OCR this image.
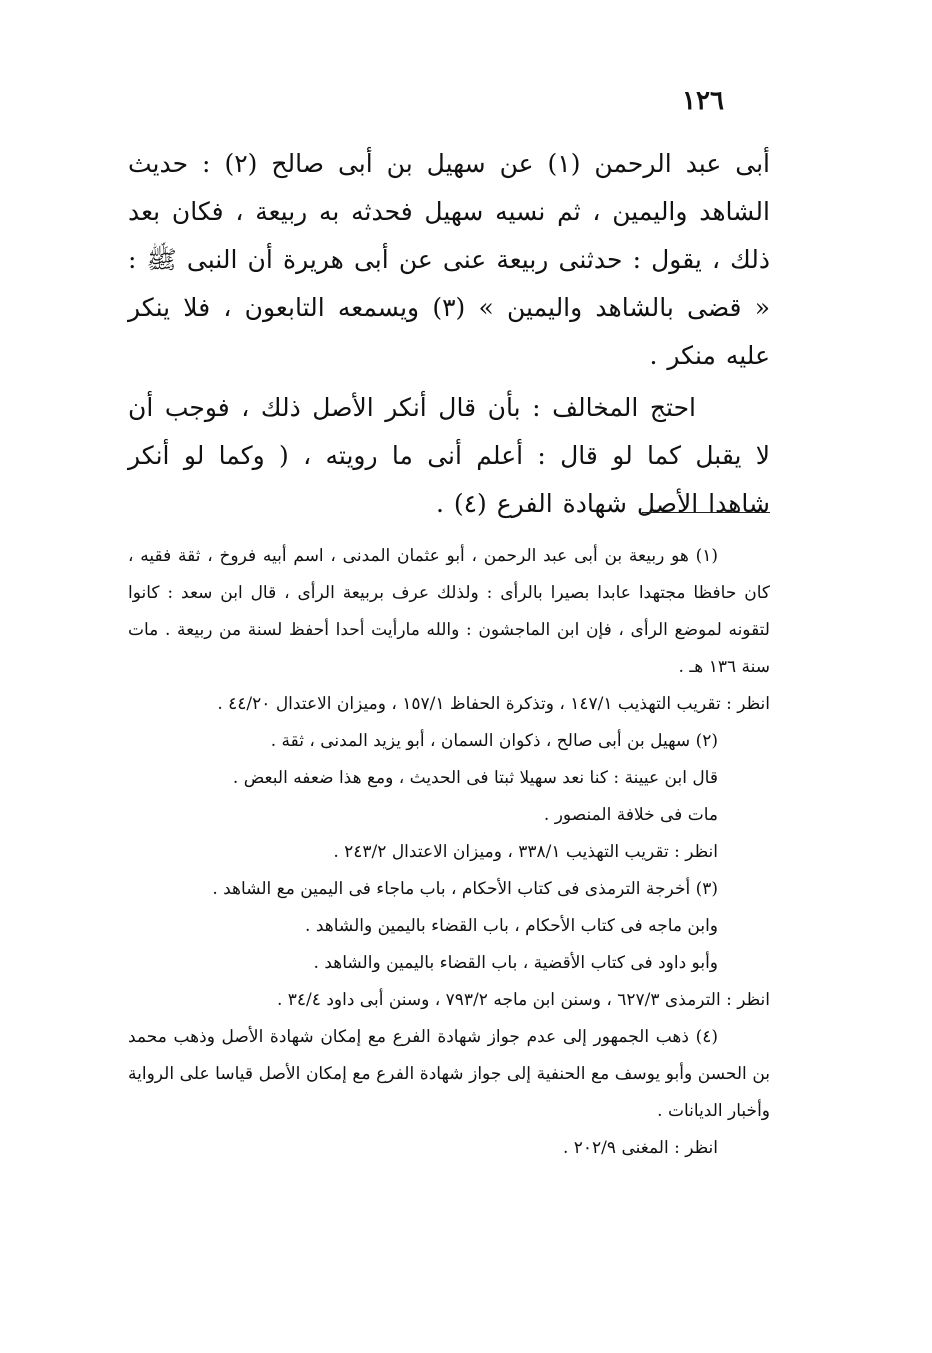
١٢٦

أبى عبد الرحمن (١) عن سهيل بن أبى صالح (٢) : حديث الشاهد واليمين ، ثم نسيه سهيل فحدثه به ربيعة ، فكان بعد ذلك ، يقول : حدثنى ربيعة عنى عن أبى هريرة أن النبى ﷺ : « قضى بالشاهد واليمين » (٣) ويسمعه التابعون ، فلا ينكر عليه منكر .

احتج المخالف : بأن قال أنكر الأصل ذلك ، فوجب أن لا يقبل كما لو قال : أعلم أنى ما رويته ، ( وكما لو أنكر شاهدا الأصل شهادة الفرع (٤) .

(١) هو ربيعة بن أبى عبد الرحمن ، أبو عثمان المدنى ، اسم أبيه فروخ ، ثقة فقيه ، كان حافظا مجتهدا عابدا بصيرا بالرأى : ولذلك عرف بربيعة الرأى ، قال ابن سعد : كانوا لتقونه لموضع الرأى ، فإن ابن الماجشون : والله مارأيت أحدا أحفظ لسنة من ربيعة . مات سنة ١٣٦ هـ .

انظر : تقريب التهذيب ١٤٧/١ ، وتذكرة الحفاظ ١٥٧/١ ، وميزان الاعتدال ٤٤/٢٠ .

(٢) سهيل بن أبى صالح ، ذكوان السمان ، أبو يزيد المدنى ، ثقة .

قال ابن عيينة : كنا نعد سهيلا ثبتا فى الحديث ، ومع هذا ضعفه البعض .

مات فى خلافة المنصور .

انظر : تقريب التهذيب ٣٣٨/١ ، وميزان الاعتدال ٢٤٣/٢ .

(٣) أخرجة الترمذى فى كتاب الأحكام ، باب ماجاء فى اليمين مع الشاهد .

وابن ماجه فى كتاب الأحكام ، باب القضاء باليمين والشاهد .

وأبو داود فى كتاب الأقضية ، باب القضاء باليمين والشاهد .

انظر : الترمذى ٦٢٧/٣ ، وسنن ابن ماجه ٧٩٣/٢ ، وسنن أبى داود ٣٤/٤ .

(٤) ذهب الجمهور إلى عدم جواز شهادة الفرع مع إمكان شهادة الأصل وذهب محمد بن الحسن وأبو يوسف مع الحنفية إلى جواز شهادة الفرع مع إمكان الأصل قياسا على الرواية وأخبار الديانات .

انظر : المغنى ٢٠٢/٩ .
